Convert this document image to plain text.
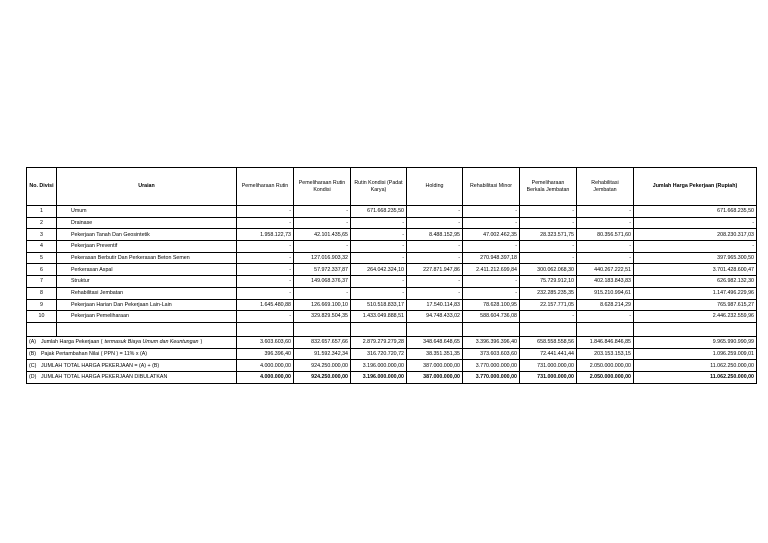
No. Divisi	Uraian	Pemeliharaan Rutin	Pemeliharaan Rutin Kondisi	Rutin Kondisi (Padat Karya)	Holding	Rehabilitasi Minor	Pemeliharaan Berkala Jembatan	Rehabilitasi Jembatan	Jumlah Harga Pekerjaan (Rupiah)
1	Umum	-	-	671.668.235,50	-	-	-	-	671.668.235,50
2	Drainase	-	-	-	-	-	-	-	-
3	Pekerjaan Tanah Dan Geosintetik	1.958.122,73	42.101.435,65	-	8.488.152,95	47.002.462,35	28.323.571,75	80.356.571,60	208.230.317,03
4	Pekerjaan Preventif	-	-	-	-	-	-	-	-
5	Pekerasan Berbutir Dan Perkerasan Beton Semen	-	127.016.903,32	-	-	270.948.397,18	-	-	397.965.300,50
6	Perkerasan Aspal	-	57.972.337,87	264.042.324,10	227.871.947,86	2.411.212.699,84	300.062.068,30	440.267.222,51	3.701.428.600,47
7	Struktur	-	149.068.376,37	-	-	-	75.729.912,10	402.183.843,83	626.982.132,30
8	Rehabilitasi Jembatan	-	-	-	-	-	232.285.235,35	915.210.994,61	1.147.496.229,96
9	Pekerjaan Harian Dan Pekerjaan Lain-Lain	1.645.480,88	126.669.100,10	510.518.833,17	17.540.114,83	78.628.100,95	22.157.771,05	8.628.214,29	765.987.615,27
10	Pekerjaan Pemeliharaan	-	329.829.504,35	1.433.049.888,51	94.748.433,02	588.604.736,08	-	-	2.446.232.559,96

(A) Jumlah Harga Pekerjaan ( termasuk Biaya Umum dan Keuntungan )		3.603.603,60	832.657.657,66	2.879.279.279,28	348.648.648,65	3.396.396.396,40	658.558.558,56	1.846.846.846,85	9.965.990.990,99
(B) Pajak Pertambahan Nilai ( PPN ) = 11% x (A)		396.396,40	91.592.342,34	316.720.720,72	38.351.351,35	373.603.603,60	72.441.441,44	203.153.153,15	1.096.259.009,01
(C) JUMLAH TOTAL HARGA PEKERJAAN = (A) + (B)		4.000.000,00	924.250.000,00	3.196.000.000,00	387.000.000,00	3.770.000.000,00	731.000.000,00	2.050.000.000,00	11.062.250.000,00
(D) JUMLAH TOTAL HARGA PEKERJAAN DIBULATKAN		4.000.000,00	924.250.000,00	3.196.000.000,00	387.000.000,00	3.770.000.000,00	731.000.000,00	2.050.000.000,00	11.062.250.000,00
